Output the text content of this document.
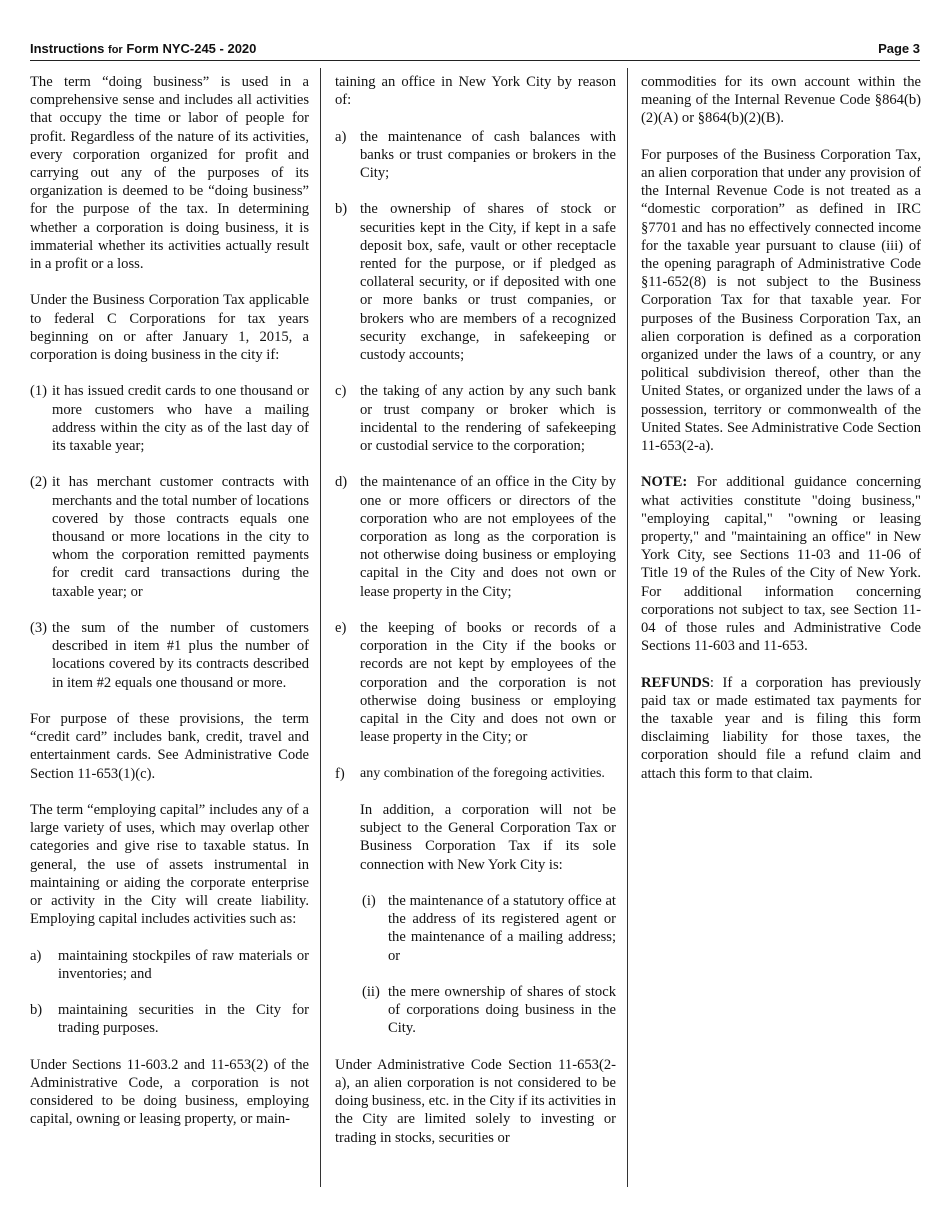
Instructions for Form NYC-245 - 2020	Page 3

The term “doing business” is used in a comprehensive sense and includes all activities that occupy the time or labor of people for profit. Regardless of the nature of its activities, every corporation organized for profit and carrying out any of the purposes of its organization is deemed to be “doing business” for the purpose of the tax. In determining whether a corporation is doing business, it is immaterial whether its activities actually result in a profit or a loss.

Under the Business Corporation Tax applicable to federal C Corporations for tax years beginning on or after January 1, 2015, a corporation is doing business in the city if:

(1) it has issued credit cards to one thousand or more customers who have a mailing address within the city as of the last day of its taxable year;
(2) it has merchant customer contracts with merchants and the total number of locations covered by those contracts equals one thousand or more locations in the city to whom the corporation remitted payments for credit card transactions during the taxable year; or
(3) the sum of the number of customers described in item #1 plus the number of locations covered by its contracts described in item #2 equals one thousand or more.

For purpose of these provisions, the term “credit card” includes bank, credit, travel and entertainment cards. See Administrative Code Section 11-653(1)(c).

The term “employing capital” includes any of a large variety of uses, which may overlap other categories and give rise to taxable status. In general, the use of assets instrumental in maintaining or aiding the corporate enterprise or activity in the City will create liability. Employing capital includes activities such as:

a)	maintaining stockpiles of raw materials or inventories; and
b)	maintaining securities in the City for trading purposes.

Under Sections 11-603.2 and 11-653(2) of the Administrative Code, a corporation is not considered to be doing business, employing capital, owning or leasing property, or main-

taining an office in New York City by reason of:

a) the maintenance of cash balances with banks or trust companies or brokers in the City;
b) the ownership of shares of stock or securities kept in the City, if kept in a safe deposit box, safe, vault or other receptacle rented for the purpose, or if pledged as collateral security, or if deposited with one or more banks or trust companies, or brokers who are members of a recognized security exchange, in safekeeping or custody accounts;
c) the taking of any action by any such bank or trust company or broker which is incidental to the rendering of safekeeping or custodial service to the corporation;
d) the maintenance of an office in the City by one or more officers or directors of the corporation who are not employees of the corporation as long as the corporation is not otherwise doing business or employing capital in the City and does not own or lease property in the City;
e) the keeping of books or records of a corporation in the City if the books or records are not kept by employees of the corporation and the corporation is not otherwise doing business or employing capital in the City and does not own or lease property in the City; or
f)	any combination of the foregoing activities.

In addition, a corporation will not be subject to the General Corporation Tax or Business Corporation Tax if its sole connection with New York City is:

(i) the maintenance of a statutory office at the address of its registered agent or the maintenance of a mailing address; or
(ii) the mere ownership of shares of stock of corporations doing business in the City.

Under Administrative Code Section 11-653(2-a), an alien corporation is not considered to be doing business, etc. in the City if its activities in the City are limited solely to investing or trading in stocks, securities or

commodities for its own account within the meaning of the Internal Revenue Code §864(b)(2)(A) or §864(b)(2)(B).

For purposes of the Business Corporation Tax, an alien corporation that under any provision of the Internal Revenue Code is not treated as a “domestic corporation” as defined in IRC §7701 and has no effectively connected income for the taxable year pursuant to clause (iii) of the opening paragraph of Administrative Code §11-652(8) is not subject to the Business Corporation Tax for that taxable year. For purposes of the Business Corporation Tax, an alien corporation is defined as a corporation organized under the laws of a country, or any political subdivision thereof, other than the United States, or organized under the laws of a possession, territory or commonwealth of the United States. See Administrative Code Section 11-653(2-a).

NOTE: For additional guidance concerning what activities constitute "doing business," "employing capital," "owning or leasing property," and "maintaining an office" in New York City, see Sections 11-03 and 11-06 of Title 19 of the Rules of the City of New York. For additional information concerning corporations not subject to tax, see Section 11-04 of those rules and Administrative Code Sections 11-603 and 11-653.

REFUNDS: If a corporation has previously paid tax or made estimated tax payments for the taxable year and is filing this form disclaiming liability for those taxes, the corporation should file a refund claim and attach this form to that claim.
